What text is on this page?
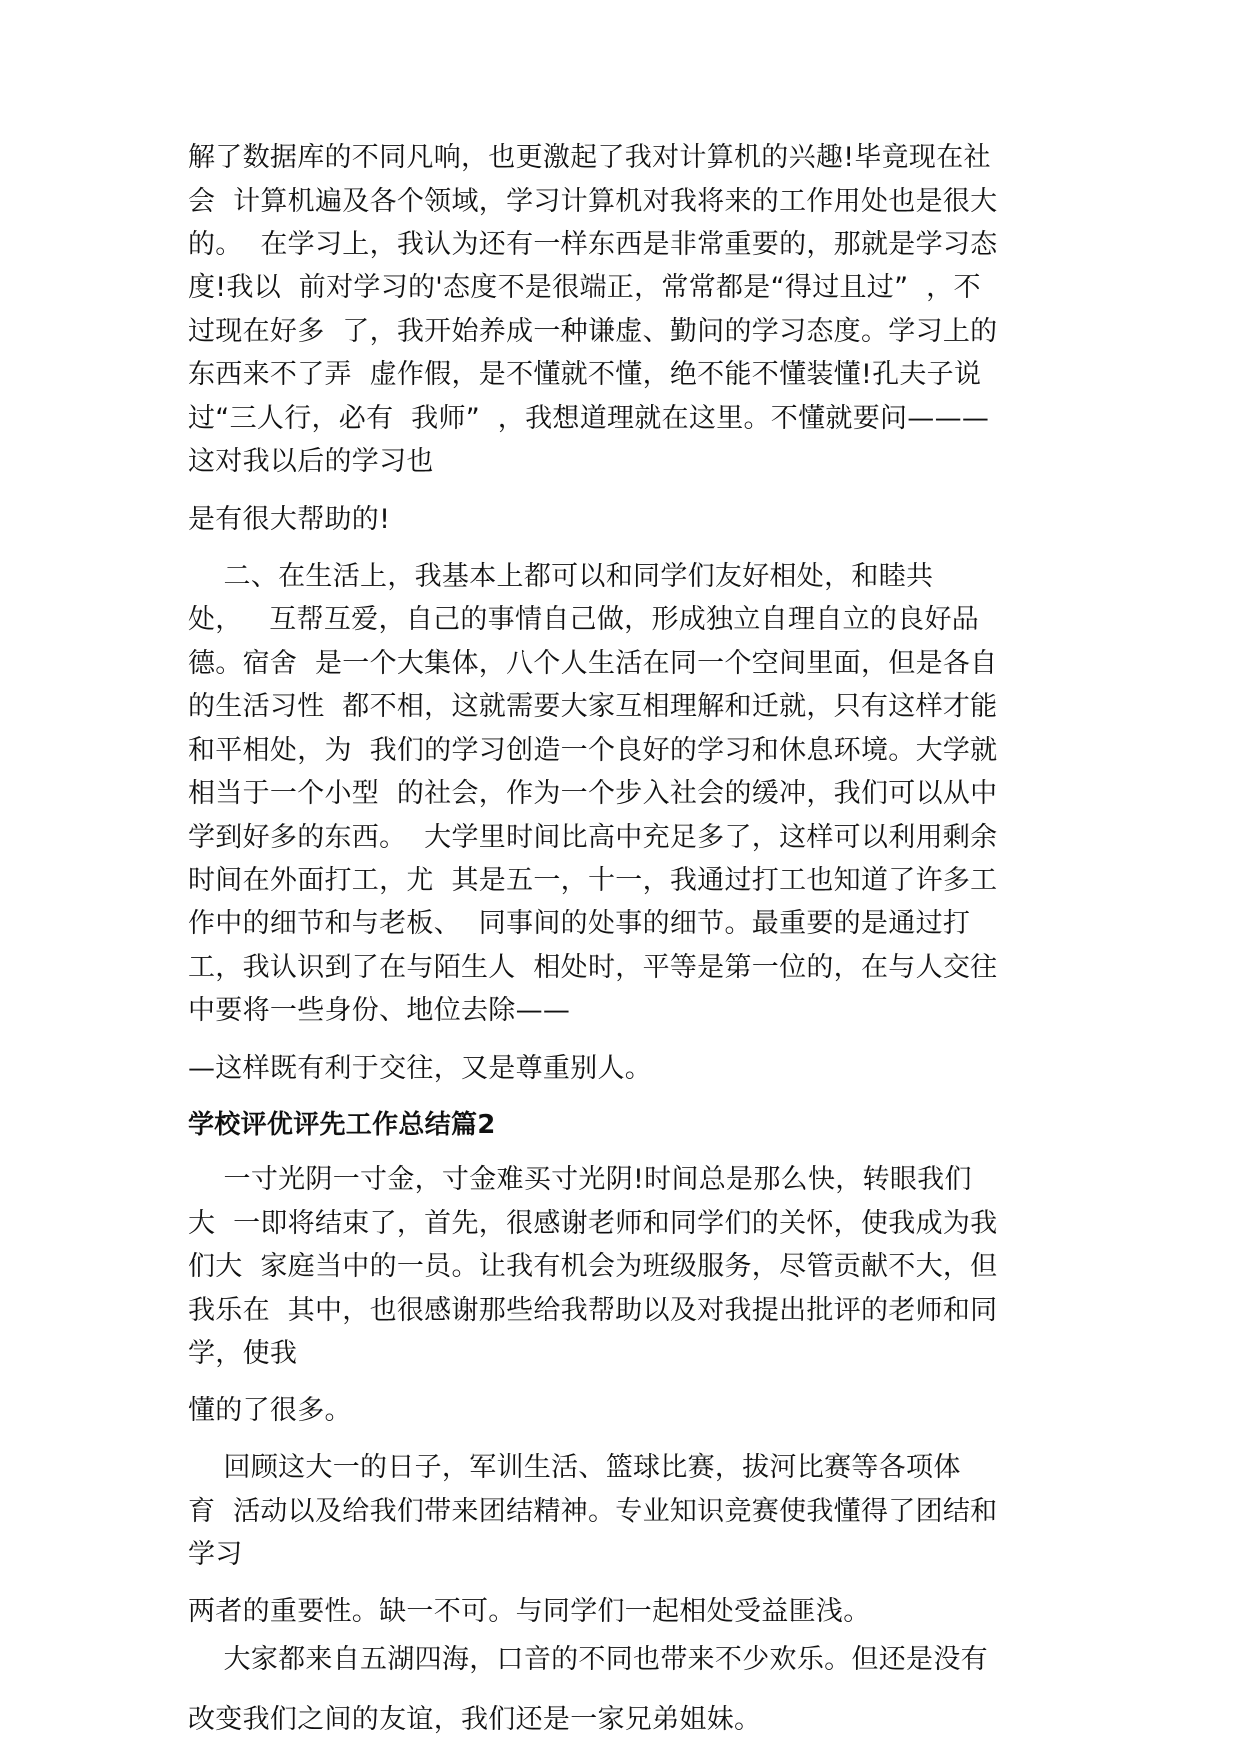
解了数据库的不同凡响，也更激起了我对计算机的兴趣!毕竟现在社
会  计算机遍及各个领域，学习计算机对我将来的工作用处也是很大
的。  在学习上，我认为还有一样东西是非常重要的，那就是学习态
度!我以  前对学习的'态度不是很端正，常常都是“得过且过”  ，不
过现在好多  了，我开始养成一种谦虚、勤问的学习态度。学习上的
东西来不了弄  虚作假，是不懂就不懂，绝不能不懂装懂!孔夫子说
过“三人行，必有  我师”  ，我想道理就在这里。不懂就要问———
这对我以后的学习也
是有很大帮助的!
二、在生活上，我基本上都可以和同学们友好相处，和睦共
处，   互帮互爱，自己的事情自己做，形成独立自理自立的良好品
德。宿舍  是一个大集体，八个人生活在同一个空间里面，但是各自
的生活习性  都不相，这就需要大家互相理解和迁就，只有这样才能
和平相处，为  我们的学习创造一个良好的学习和休息环境。大学就
相当于一个小型  的社会，作为一个步入社会的缓冲，我们可以从中
学到好多的东西。  大学里时间比高中充足多了，这样可以利用剩余
时间在外面打工，尤  其是五一，十一，我通过打工也知道了许多工
作中的细节和与老板、  同事间的处事的细节。最重要的是通过打
工，我认识到了在与陌生人  相处时，平等是第一位的，在与人交往
中要将一些身份、地位去除——
—这样既有利于交往，又是尊重别人。
学校评优评先工作总结篇2
一寸光阴一寸金，寸金难买寸光阴!时间总是那么快，转眼我们
大  一即将结束了，首先，很感谢老师和同学们的关怀，使我成为我
们大  家庭当中的一员。让我有机会为班级服务，尽管贡献不大，但
我乐在  其中，也很感谢那些给我帮助以及对我提出批评的老师和同
学，使我
懂的了很多。
回顾这大一的日子，军训生活、篮球比赛，拔河比赛等各项体
育  活动以及给我们带来团结精神。专业知识竞赛使我懂得了团结和
学习
两者的重要性。缺一不可。与同学们一起相处受益匪浅。
大家都来自五湖四海，口音的不同也带来不少欢乐。但还是没有
改变我们之间的友谊，我们还是一家兄弟姐妹。
